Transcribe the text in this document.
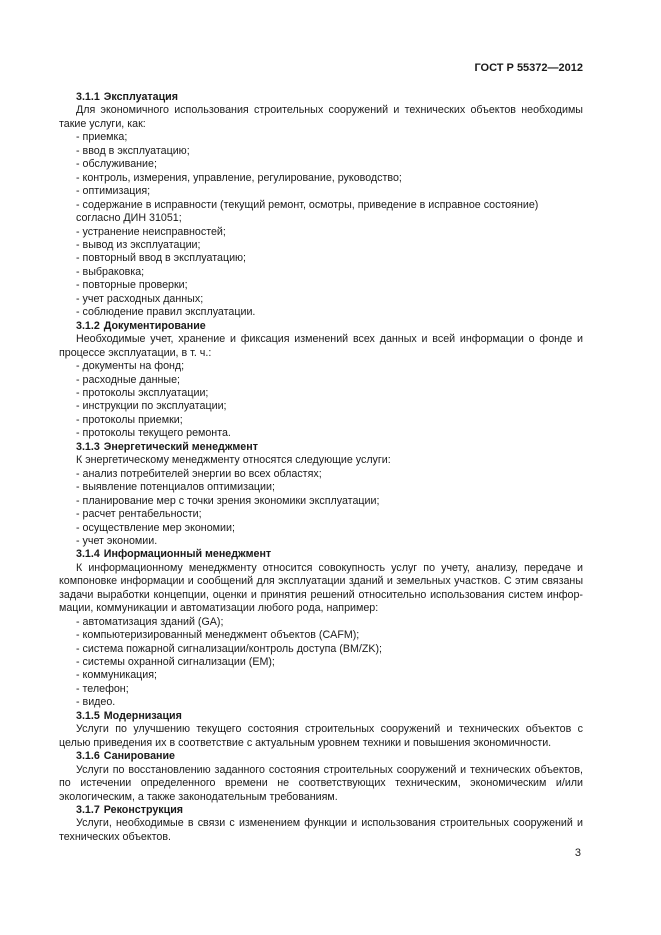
ГОСТ Р 55372—2012

3.1.1 Эксплуатация

Для экономичного использования строительных сооружений и технических объектов необходимы такие услуги, как:

- приемка;

- ввод в эксплуатацию;

- обслуживание;

- контроль, измерения, управление, регулирование, руководство;

- оптимизация;

- содержание в исправности (текущий ремонт, осмотры, приведение в исправное состояние) согласно ДИН 31051;

- устранение неисправностей;

- вывод из эксплуатации;

- повторный ввод в эксплуатацию;

- выбраковка;

- повторные проверки;

- учет расходных данных;

- соблюдение правил эксплуатации.

3.1.2 Документирование

Необходимые учет, хранение и фиксация изменений всех данных и всей информации о фонде и процессе эксплуатации, в т. ч.:

- документы на фонд;

- расходные данные;

- протоколы эксплуатации;

- инструкции по эксплуатации;

- протоколы приемки;

- протоколы текущего ремонта.

3.1.3 Энергетический менеджмент

К энергетическому менеджменту относятся следующие услуги:

- анализ потребителей энергии во всех областях;

- выявление потенциалов оптимизации;

- планирование мер с точки зрения экономики эксплуатации;

- расчет рентабельности;

- осуществление мер экономии;

- учет экономии.

3.1.4 Информационный менеджмент

К информационному менеджменту относится совокупность услуг по учету, анализу, передаче и компоновке информации и сообщений для эксплуатации зданий и земельных участков. С этим связаны задачи выработки концепции, оценки и принятия решений относительно использования систем инфор-мации, коммуникации и автоматизации любого рода, например:

- автоматизация зданий (GA);

- компьютеризированный менеджмент объектов (CAFM);

- система пожарной сигнализации/контроль доступа (BM/ZK);

- системы охранной сигнализации (EM);

- коммуникация;

- телефон;

- видео.

3.1.5 Модернизация

Услуги по улучшению текущего состояния строительных сооружений и технических объектов с целью приведения их в соответствие с актуальным уровнем техники и повышения экономичности.

3.1.6 Санирование

Услуги по восстановлению заданного состояния строительных сооружений и технических объектов, по истечении определенного времени не соответствующих техническим, экономическим и/или экологическим, а также законодательным требованиям.

3.1.7 Реконструкция

Услуги, необходимые в связи с изменением функции и использования строительных сооружений и технических объектов.

3
